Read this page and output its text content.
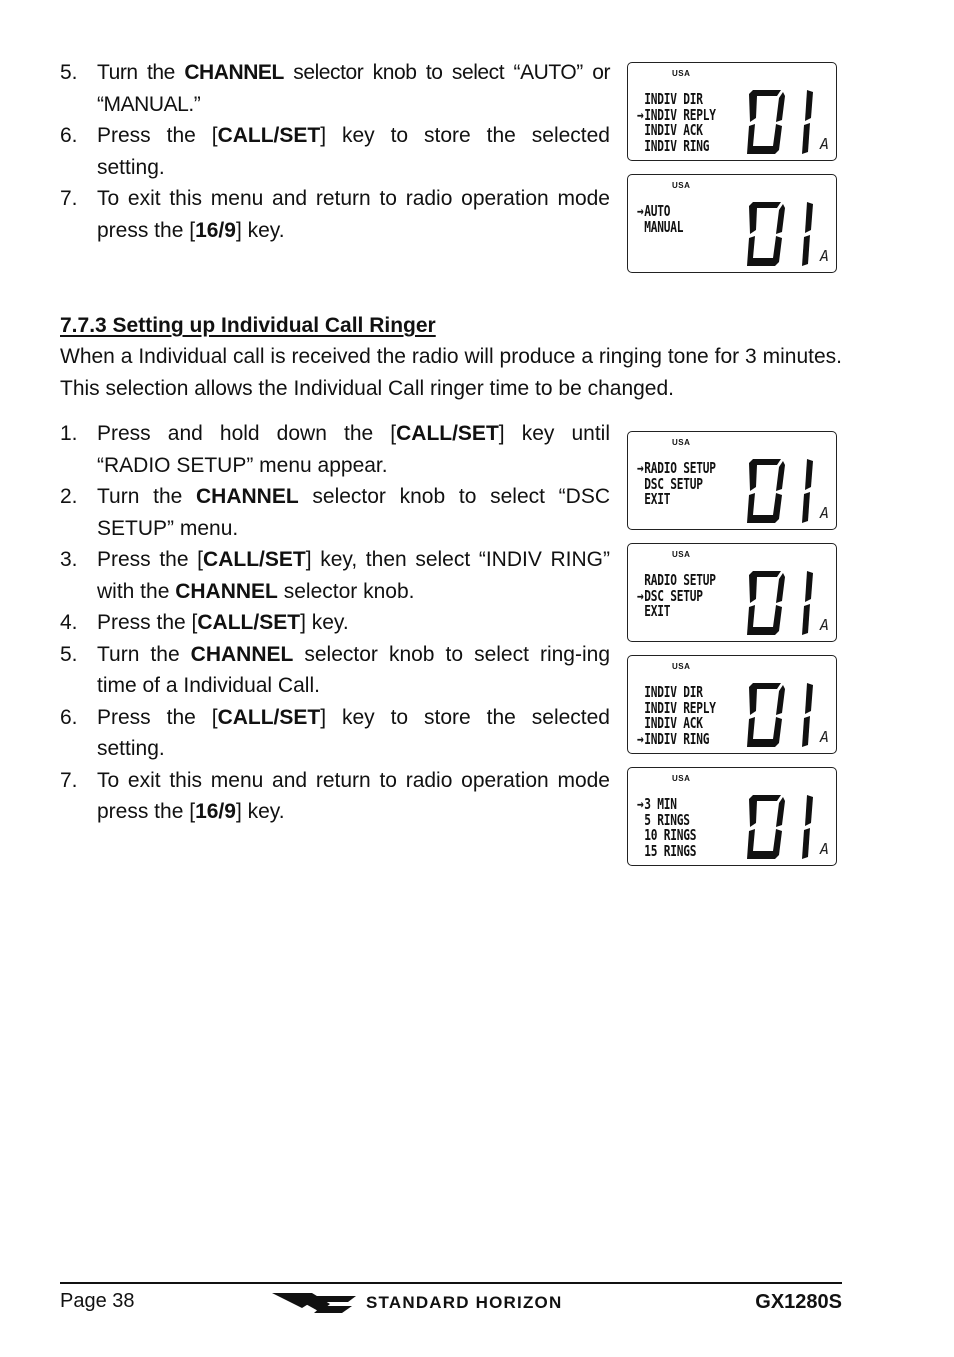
5. Turn the CHANNEL selector knob to select “AUTO” or “MANUAL.”
6. Press the [CALL/SET] key to store the selected setting.
7. To exit this menu and return to radio operation mode press the [16/9] key.
7.7.3 Setting up Individual Call Ringer
When a Individual call is received the radio will produce a ringing tone for 3 minutes. This selection allows the Individual Call ringer time to be changed.
1. Press and hold down the [CALL/SET] key until “RADIO SETUP” menu appear.
2. Turn the CHANNEL selector knob to select “DSC SETUP” menu.
3. Press the [CALL/SET] key, then select “INDIV RING” with the CHANNEL selector knob.
4. Press the [CALL/SET] key.
5. Turn the CHANNEL selector knob to select ring-ing time of a Individual Call.
6. Press the [CALL/SET] key to store the selected setting.
7. To exit this menu and return to radio operation mode press the [16/9] key.
USA
INDIV DIR
→INDIV REPLY
INDIV ACK
INDIV RING	A
USA
→AUTO
MANUAL
A
USA
→RADIO SETUP
DSC SETUP
EXIT
A
USA
RADIO SETUP
→DSC SETUP
EXIT
A
USA
INDIV DIR
INDIV REPLY
INDIV ACK
→INDIV RING	A
USA
→3 MIN
5 RINGS
10 RINGS
15 RINGS	A
Page 38	STANDARD HORIZON	GX1280S
